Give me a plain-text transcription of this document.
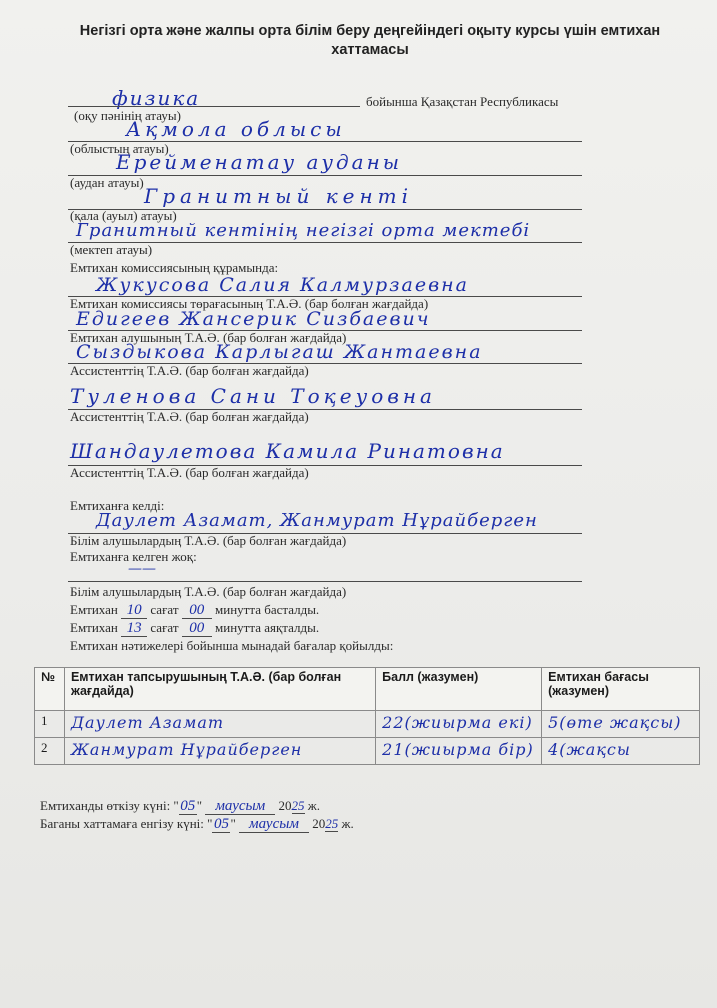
Негізгі орта және жалпы орта білім беру деңгейіндегі оқыту курсы үшін емтихан хаттамасы
физика	бойынша Қазақстан Республикасы
(оқу пәнінің атауы)
Ақмола облысы
(облыстың атауы)
Ерейменатау ауданы
(аудан атауы)
Гранитный кенті
(қала (ауыл) атауы)
Гранитный кентінің негізгі орта мектебі
(мектеп атауы)
Емтихан комиссиясының құрамында:
Жукусова Салия Калмурзаевна
Емтихан комиссиясы төрағасының Т.А.Ә. (бар болған жағдайда)
Едигеев Жансерик Сизбаевич
Емтихан алушының Т.А.Ә. (бар болған жағдайда)
Сыздыкова Карлыгаш Жантаевна
Ассистенттің Т.А.Ә. (бар болған жағдайда)
Туленова Сани Тоқеуовна
Ассистенттің Т.А.Ә. (бар болған жағдайда)
Шандаулетова Камила Ринатовна
Ассистенттің Т.А.Ә. (бар болған жағдайда)
Емтиханға келді:
Даулет Азамат, Жанмурат Нұрайберген
Білім алушылардың Т.А.Ә. (бар болған жағдайда)
Емтиханға келген жоқ:
——
Білім алушылардың Т.А.Ә. (бар болған жағдайда)
Емтихан 10 сағат 00 минутта басталды.
Емтихан 13 сағат 00 минутта аяқталды.
Емтихан нәтижелері бойынша мынадай бағалар қойылды:
№	Емтихан тапсырушының Т.А.Ә. (бар болған жағдайда)	Балл (жазумен)	Емтихан бағасы (жазумен)
1	Даулет Азамат	22(жиырма екі)	5(өте жақсы)
2	Жанмурат Нұрайберген	21(жиырма бір)	4(жақсы
Емтиханды өткізу күні: " 05 " маусым 2025 ж.
Баганы хаттамаға енгізу күні: " 05 " маусым 2025 ж.
